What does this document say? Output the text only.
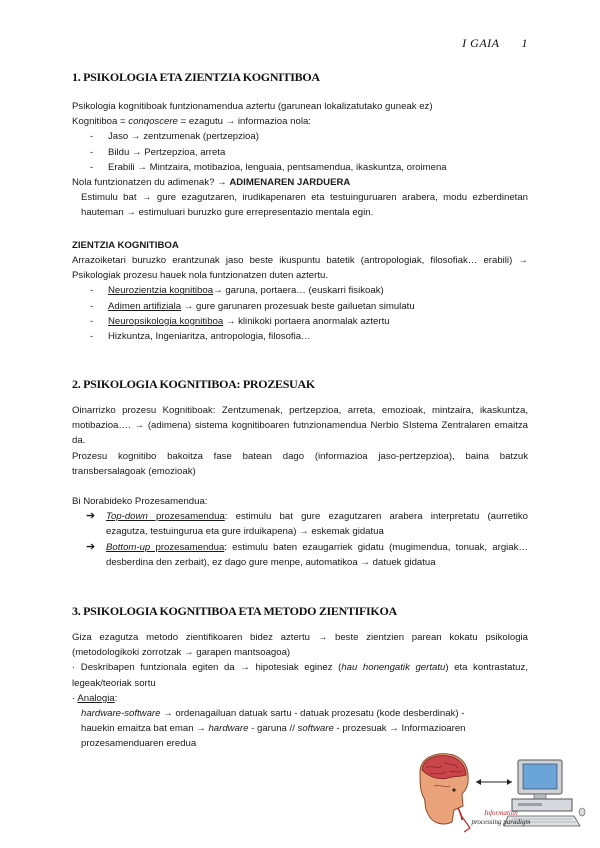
I GAIA 1
1. PSIKOLOGIA ETA ZIENTZIA KOGNITIBOA

Psikologia kognitiboak funtzionamendua aztertu (garunean lokalizatutako guneak ez)

Kognitiboa = conqoscere = ezagutu → informazioa nola:

- Jaso → zentzumenak (pertzepzioa)

- Bildu → Pertzepzioa, arreta

- Erabili → Mintzaira, motibazioa, lenguaia, pentsamendua, ikaskuntza, oroimena

Nola funtzionatzen du adimenak? → ADIMENAREN JARDUERA

Estimulu bat → gure ezagutzaren, irudikapenaren eta testuinguruaren arabera, modu ezberdinetan hauteman → estimuluari buruzko gure errepresentazio mentala egin.

ZIENTZIA KOGNITIBOA

Arrazoiketari buruzko erantzunak jaso beste ikuspuntu batetik (antropologiak, filosofiak… erabili) → Psikologiak prozesu hauek nola funtzionatzen duten aztertu.

- Neurozientzia kognitiboa→ garuna, portaera… (euskarri fisikoak)

- Adimen artifiziala → gure garunaren prozesuak beste gailuetan simulatu

- Neuropsikologia kognitiboa → klinikoki portaera anormalak aztertu

- Hizkuntza, Ingeniaritza, antropologia, filosofia…

2. PSIKOLOGIA KOGNITIBOA: PROZESUAK

Oinarrizko prozesu Kognitiboak: Zentzumenak, pertzepzioa, arreta, emozioak, mintzaira, ikaskuntza, motibazioa…. → (adimena) sistema kognitiboaren futnzionamendua Nerbio SIstema Zentralaren emaitza da.

Prozesu kognitibo bakoitza fase batean dago (informazioa jaso-pertzepzioa), baina batzuk transbersalagoak (emozioak)

Bi Norabideko Prozesamendua:

➔ Top-down prozesamendua: estimulu bat gure ezagutzaren arabera interpretatu (aurretiko ezagutza, testuingurua eta gure irduikapena) → eskemak gidatua

➔ Bottom-up prozesamendua: estimulu baten ezaugarriek gidatu (mugimendua, tonuak, argiak… desberdina den zerbait), ez dago gure menpe, automatikoa → datuek gidatua

3. PSIKOLOGIA KOGNITIBOA ETA METODO ZIENTIFIKOA

Giza ezagutza metodo zientifikoaren bidez aztertu → beste zientzien parean kokatu psikologia (metodologikoki zorrotzak → garapen mantsoagoa)

· Deskribapen funtzionala egiten da → hipotesiak eginez (hau honengatik gertatu) eta kontrastatuz, legeak/teoriak sortu

· Analogia:

hardware-software → ordenagailuan datuak sartu - datuak prozesatu (kode desberdinak) - hauekin emaitza bat eman → hardware - garuna // software - prozesuak → Informazioaren prozesamenduaren eredua

Information
processing paradigm
